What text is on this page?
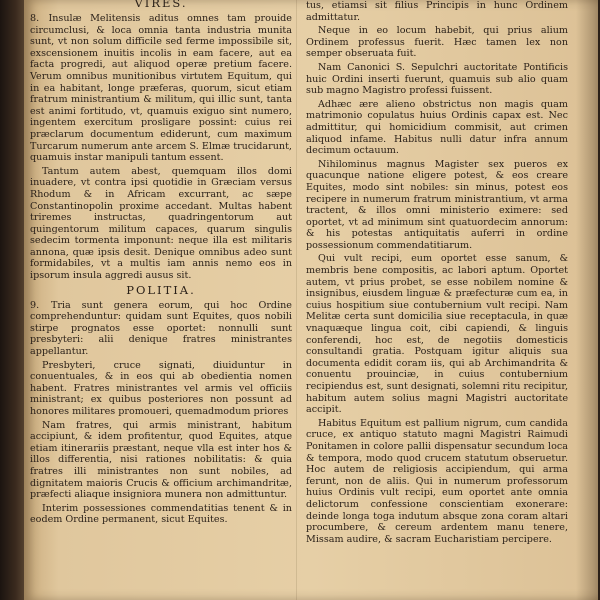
VIRES.

8. Insulæ Melitensis aditus omnes tam prouide circumclusi, & loca omnia tanta industria munita sunt, vt non solum difficile sed ferme impossibile sit, exscensionem inuitis incolis in eam facere, aut ea facta progredi, aut aliquod operæ pretium facere. Verum omnibus munitionibus virtutem Equitum, qui in ea habitant, longe præferas, quorum, sicut etiam fratrum ministrantium & militum, qui illic sunt, tanta est animi fortitudo, vt, quamuis exiguo sint numero, ingentem exercitum prosligare possint: cuius rei præclarum documentum ediderunt, cum maximum Turcarum numerum ante arcem S. Elmæ trucidarunt, quamuis instar manipuli tantum essent.

Tantum autem abest, quemquam illos domi inuadere, vt contra ipsi quotidie in Græciam versus Rhodum & in Africam excurrant, ac sæpe Constantinopolin proxime accedant. Multas habent triremes instructas, quadringentorum aut quingentorum militum capaces, quarum singulis sedecim tormenta imponunt: neque illa est militaris annona, quæ ipsis desit. Denique omnibus adeo sunt formidabiles, vt a multis iam annis nemo eos in ipsorum insula aggredi ausus sit.

POLITIA.

9. Tria sunt genera eorum, qui hoc Ordine comprehenduntur: quidam sunt Equites, quos nobili stirpe prognatos esse oportet: nonnulli sunt presbyteri: alii denique fratres ministrantes appellantur.

Presbyteri, cruce signati, diuiduntur in conuentuales, & in eos qui ab obedientia nomen habent. Fratres ministrantes vel armis vel officiis ministrant; ex quibus posteriores non possunt ad honores militares promoueri, quemadmodum priores

Nam fratres, qui armis ministrant, habitum accipiunt, & idem profitentur, quod Equites, atque etiam itinerariis præstant, neque vlla est inter hos & illos differentia, nisi rationes nobilitatis: & quia fratres illi ministrantes non sunt nobiles, ad dignitatem maioris Crucis & officium archimandritæ, præfecti aliaque insigniora munera non admittuntur.

Interim possessiones commendatitias tenent & in eodem Ordine permanent, sicut Equites.

tus, etiamsi sit filius Principis in hunc Ordinem admittatur.

Neque in eo locum habebit, qui prius alium Ordinem professus fuerit. Hæc tamen lex non semper obseruata fuit.

Nam Canonici S. Sepulchri auctoritate Pontificis huic Ordini inserti fuerunt, quamuis sub alio quam sub magno Magistro professi fuissent.

Adhæc ære alieno obstrictus non magis quam matrimonio copulatus huius Ordinis capax est. Nec admittitur, qui homicidium commisit, aut crimen aliquod infame. Habitus nulli datur infra annum decimum octauum.

Nihilominus magnus Magister sex pueros ex quacunque natione eligere potest, & eos creare Equites, modo sint nobiles: sin minus, potest eos recipere in numerum fratrum ministrantium, vt arma tractent, & illos omni ministerio eximere: sed oportet, vt ad minimum sint quatuordecim annorum: & his potestas antiquitatis auferri in ordine possessionum commendatitiarum.

Qui vult recipi, eum oportet esse sanum, & membris bene compositis, ac labori aptum. Oportet autem, vt prius probet, se esse nobilem nomine & insignibus, eiusdem linguæ & præfecturæ cum ea, in cuius hospitium siue contubernium vult recipi. Nam Melitæ certa sunt domicilia siue receptacula, in quæ vnaquæque lingua coit, cibi capiendi, & linguis conferendi, hoc est, de negotiis domesticis consultandi gratia. Postquam igitur aliquis sua documenta edidit coram iis, qui ab Archimandrita & conuentu prouinciæ, in cuius contubernium recipiendus est, sunt designati, solemni ritu recipitur, habitum autem solius magni Magistri auctoritate accipit.

Habitus Equitum est pallium nigrum, cum candida cruce, ex antiquo statuto magni Magistri Raimudi Ponitamen in colore pallii dispensatur secundum loca & tempora, modo quod crucem statutum obseruetur. Hoc autem de religiosis accipiendum, qui arma ferunt, non de aliis. Qui in numerum professorum huius Ordinis vult recipi, eum oportet ante omnia delictorum confessione conscientiam exonerare: deinde longa toga indutum absque zona coram altari procumbere, & cereum ardentem manu tenere, Missam audire, & sacram Eucharistiam percipere.
